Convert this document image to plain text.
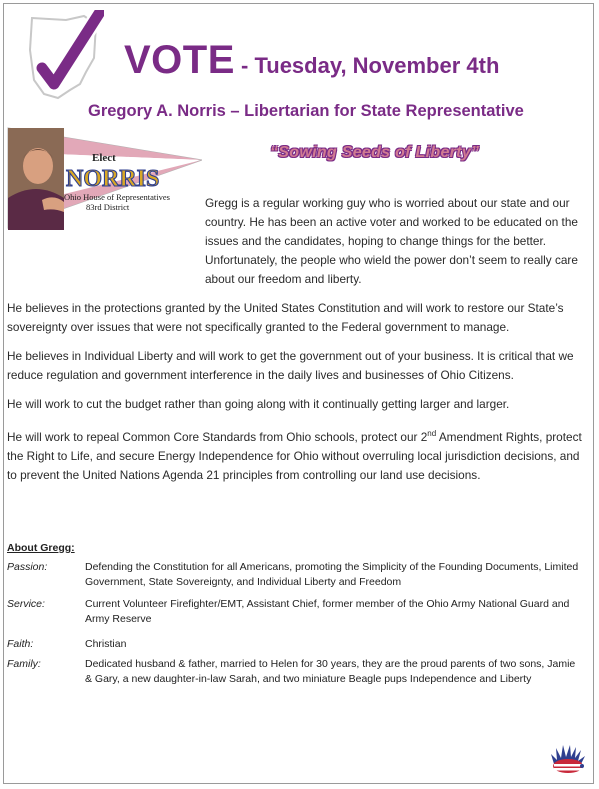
VOTE - Tuesday, November 4th
Gregory A. Norris – Libertarian for State Representative
Elect
NORRIS
Ohio House of Representatives
83rd District
“Sowing Seeds of Liberty”

Gregg is a regular working guy who is worried about our state and our country. He has been an active voter and worked to be educated on the issues and the candidates, hoping to change things for the better. Unfortunately, the people who wield the power don’t seem to really care about our freedom and liberty.

He believes in the protections granted by the United States Constitution and will work to restore our State’s sovereignty over issues that were not specifically granted to the Federal government to manage.

He believes in Individual Liberty and will work to get the government out of your business. It is critical that we reduce regulation and government interference in the daily lives and businesses of Ohio Citizens.

He will work to cut the budget rather than going along with it continually getting larger and larger.

He will work to repeal Common Core Standards from Ohio schools, protect our 2nd Amendment Rights, protect the Right to Life, and secure Energy Independence for Ohio without overruling local jurisdiction decisions, and to prevent the United Nations Agenda 21 principles from controlling our land use decisions.

About Gregg:
Passion:	Defending the Constitution for all Americans, promoting the Simplicity of the Founding Documents, Limited Government, State Sovereignty, and Individual Liberty and Freedom
Service:	Current Volunteer Firefighter/EMT, Assistant Chief, former member of the Ohio Army National Guard and Army Reserve
Faith:	Christian
Family:	Dedicated husband & father, married to Helen for 30 years, they are the proud parents of two sons, Jamie & Gary, a new daughter-in-law Sarah, and two miniature Beagle pups Independence and Liberty
